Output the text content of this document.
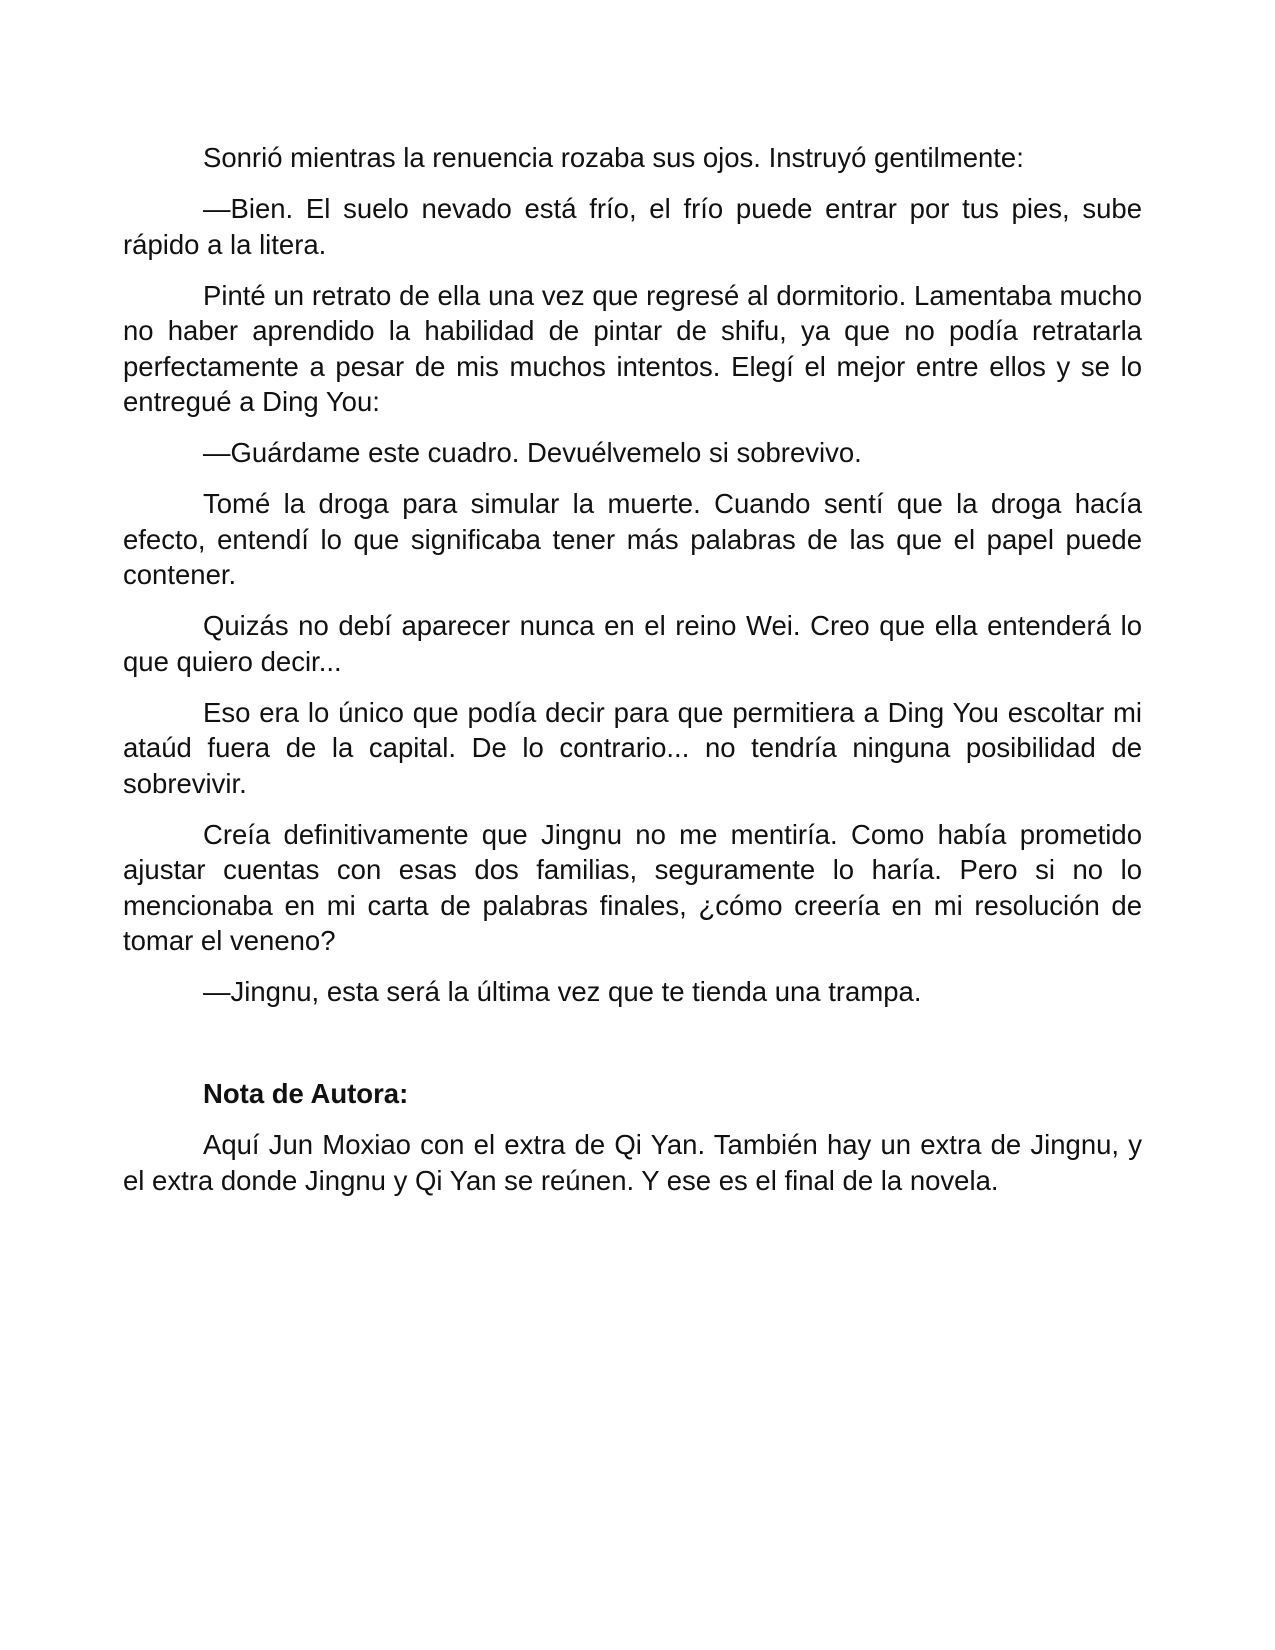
Sonrió mientras la renuencia rozaba sus ojos. Instruyó gentilmente:

—Bien. El suelo nevado está frío, el frío puede entrar por tus pies, sube rápido a la litera.

Pinté un retrato de ella una vez que regresé al dormitorio. Lamentaba mucho no haber aprendido la habilidad de pintar de shifu, ya que no podía retratarla perfectamente a pesar de mis muchos intentos. Elegí el mejor entre ellos y se lo entregué a Ding You:

—Guárdame este cuadro. Devuélvemelo si sobrevivo.

Tomé la droga para simular la muerte. Cuando sentí que la droga hacía efecto, entendí lo que significaba tener más palabras de las que el papel puede contener.

Quizás no debí aparecer nunca en el reino Wei. Creo que ella entenderá lo que quiero decir...

Eso era lo único que podía decir para que permitiera a Ding You escoltar mi ataúd fuera de la capital. De lo contrario... no tendría ninguna posibilidad de sobrevivir.

Creía definitivamente que Jingnu no me mentiría. Como había prometido ajustar cuentas con esas dos familias, seguramente lo haría. Pero si no lo mencionaba en mi carta de palabras finales, ¿cómo creería en mi resolución de tomar el veneno?

—Jingnu, esta será la última vez que te tienda una trampa.

Nota de Autora:

Aquí Jun Moxiao con el extra de Qi Yan. También hay un extra de Jingnu, y el extra donde Jingnu y Qi Yan se reúnen. Y ese es el final de la novela.
